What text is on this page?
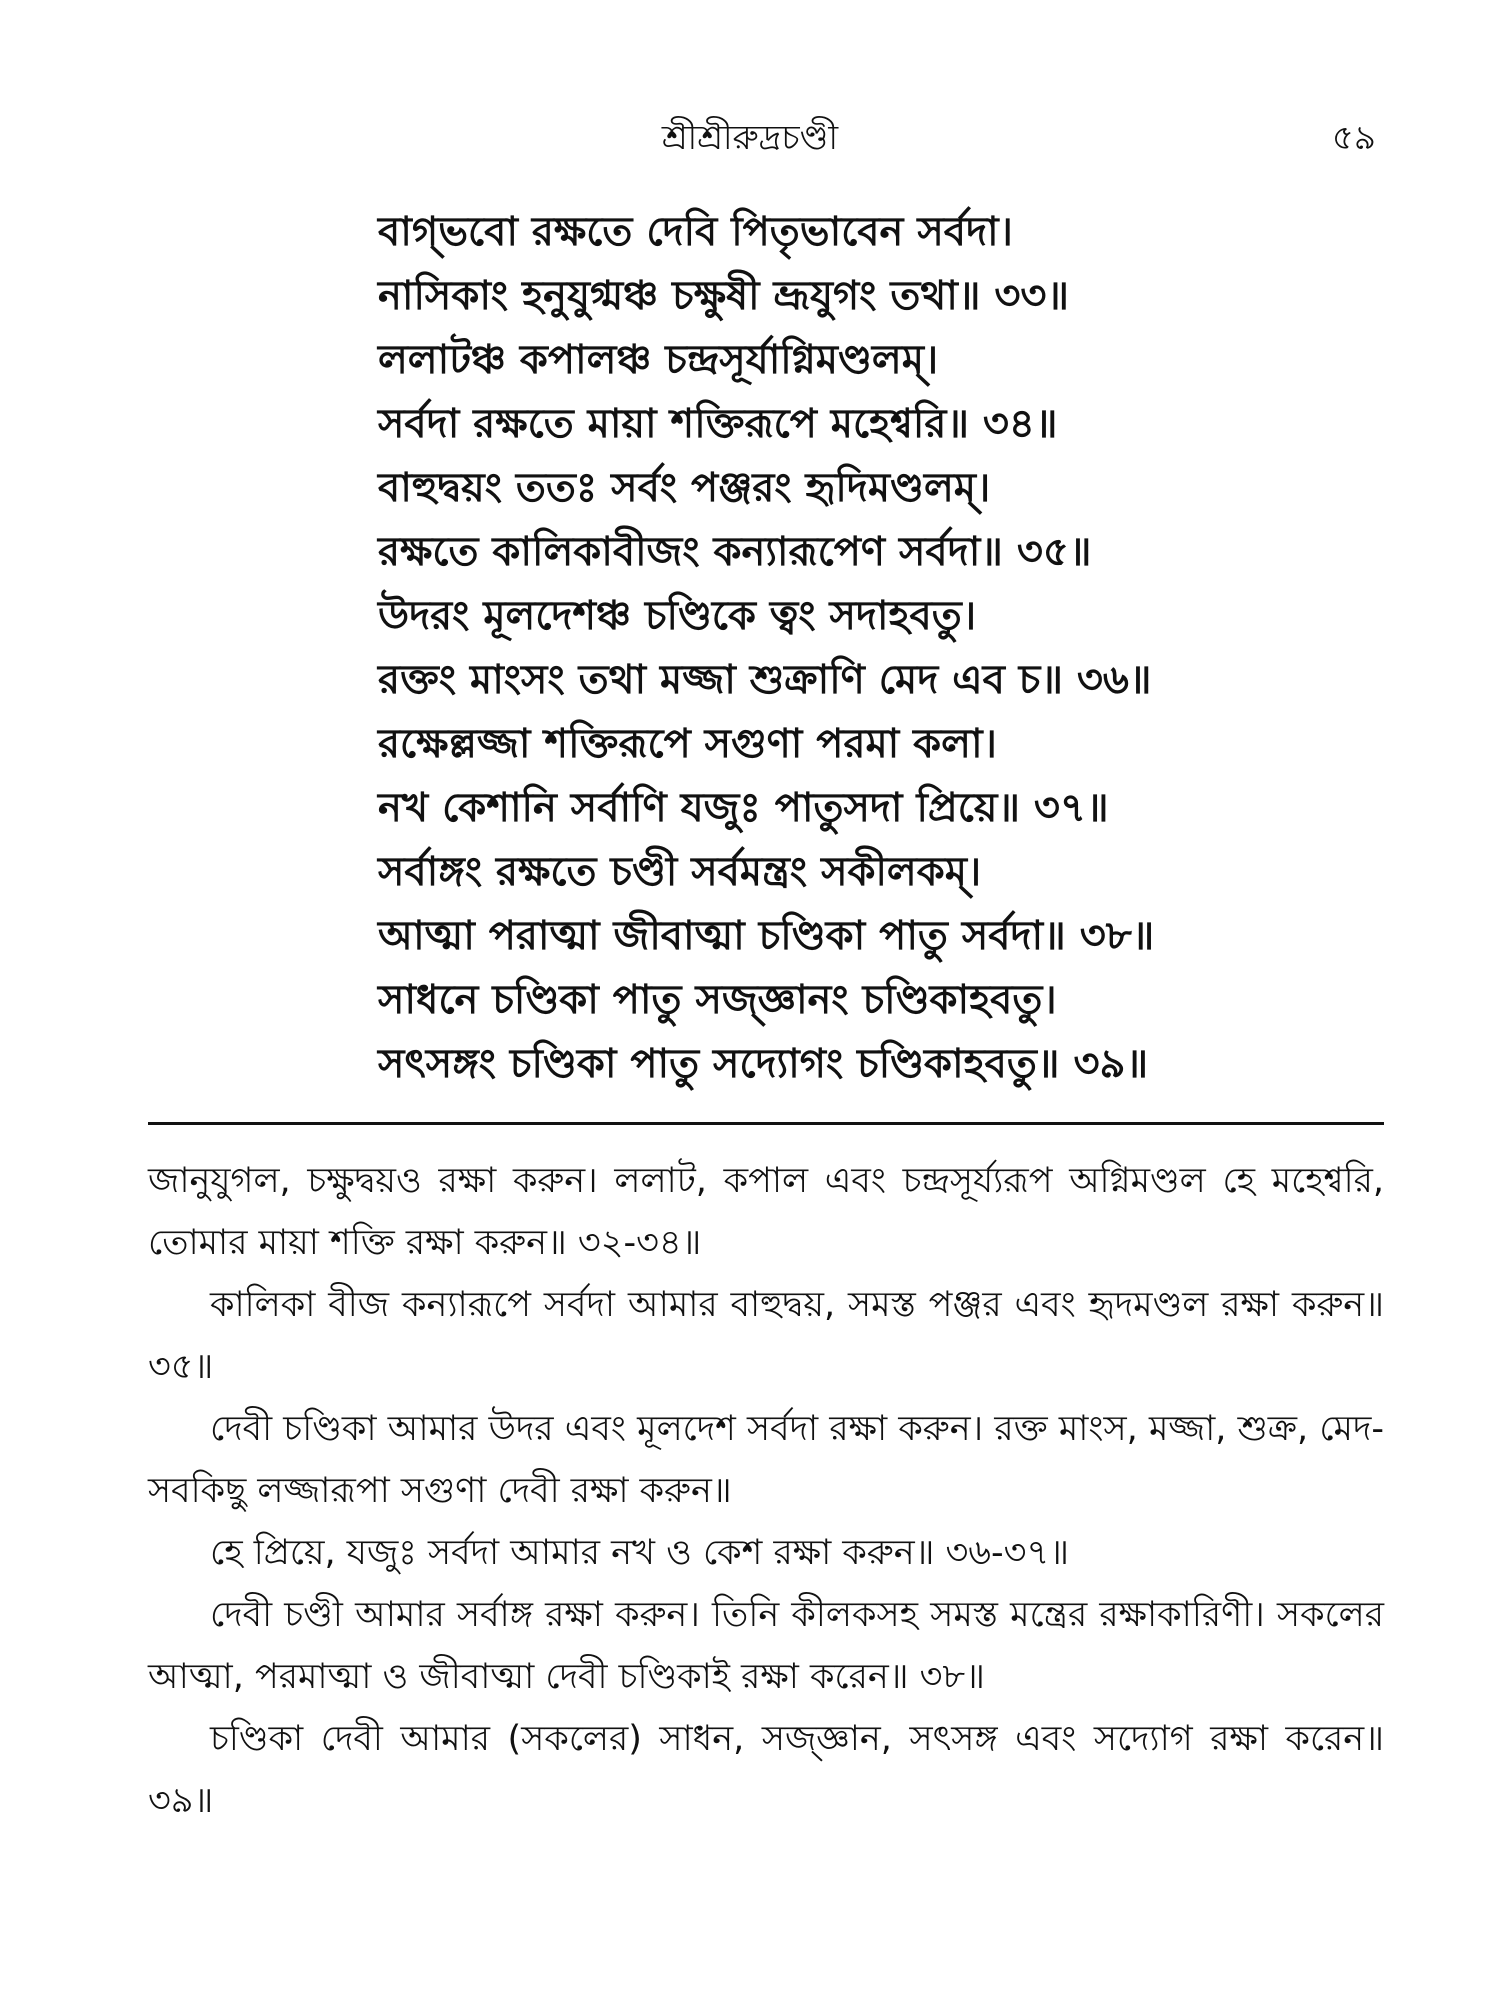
শ্রীশ্রীরুদ্রচণ্ডী	৫৯
বাগ্‌ভবো রক্ষতে দেবি পিতৃভাবেন সর্বদা।
নাসিকাং হনুযুগ্মঞ্চ চক্ষুষী ভ্রূযুগং তথা॥ ৩৩॥
ললাটঞ্চ কপালঞ্চ চন্দ্রসূর্যাগ্নিমণ্ডলম্‌।
সর্বদা রক্ষতে মায়া শক্তিরূপে মহেশ্বরি॥ ৩৪॥
বাহুদ্বয়ং ততঃ সর্বং পঞ্জরং হৃদিমণ্ডলম্‌।
রক্ষতে কালিকাবীজং কন্যারূপেণ সর্বদা॥ ৩৫॥
উদরং মূলদেশঞ্চ চণ্ডিকে ত্বং সদাহবতু।
রক্তং মাংসং তথা মজ্জা শুক্রাণি মেদ এব চ॥ ৩৬॥
রক্ষেল্লজ্জা শক্তিরূপে সগুণা পরমা কলা।
নখ কেশানি সর্বাণি যজুঃ পাতুসদা প্রিয়ে॥ ৩৭॥
সর্বাঙ্গং রক্ষতে চণ্ডী সর্বমন্ত্রং সকীলকম্‌।
আত্মা পরাত্মা জীবাত্মা চণ্ডিকা পাতু সর্বদা॥ ৩৮॥
সাধনে চণ্ডিকা পাতু সজ্জ্ঞানং চণ্ডিকাহবতু।
সৎসঙ্গং চণ্ডিকা পাতু সদ্যোগং চণ্ডিকাহবতু॥ ৩৯॥

জানুযুগল, চক্ষুদ্বয়ও রক্ষা করুন। ললাট, কপাল এবং চন্দ্রসূর্য্যরূপ অগ্নিমণ্ডল হে মহেশ্বরি, তোমার মায়া শক্তি রক্ষা করুন॥ ৩২-৩৪॥

কালিকা বীজ কন্যারূপে সর্বদা আমার বাহুদ্বয়, সমস্ত পঞ্জর এবং হৃদমণ্ডল রক্ষা করুন॥ ৩৫॥

দেবী চণ্ডিকা আমার উদর এবং মূলদেশ সর্বদা রক্ষা করুন। রক্ত মাংস, মজ্জা, শুক্র, মেদ-সবকিছু লজ্জারূপা সগুণা দেবী রক্ষা করুন॥

হে প্রিয়ে, যজুঃ সর্বদা আমার নখ ও কেশ রক্ষা করুন॥ ৩৬-৩৭॥

দেবী চণ্ডী আমার সর্বাঙ্গ রক্ষা করুন। তিনি কীলকসহ সমস্ত মন্ত্রের রক্ষাকারিণী। সকলের আত্মা, পরমাত্মা ও জীবাত্মা দেবী চণ্ডিকাই রক্ষা করেন॥ ৩৮॥

চণ্ডিকা দেবী আমার (সকলের) সাধন, সজ্জ্ঞান, সৎসঙ্গ এবং সদ্যোগ রক্ষা করেন॥ ৩৯॥
